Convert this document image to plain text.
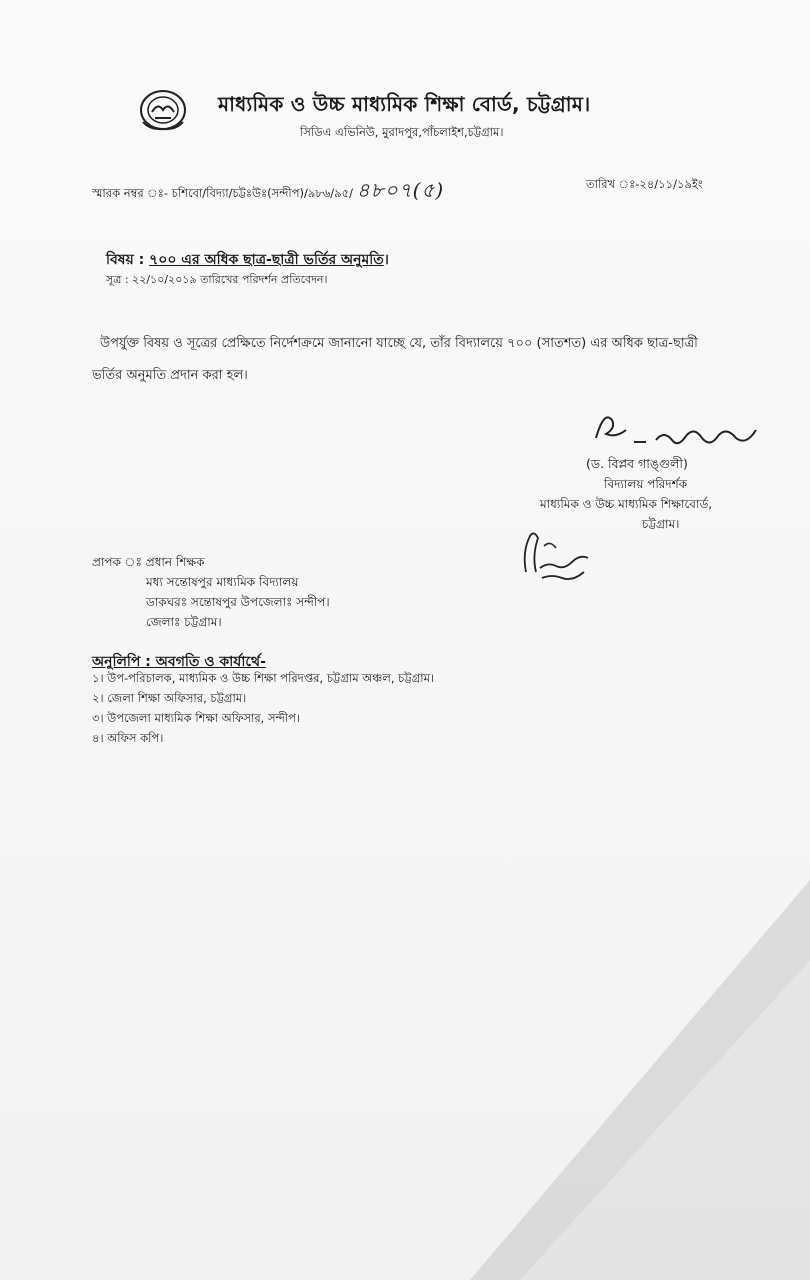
মাধ্যমিক ও উচ্চ মাধ্যমিক শিক্ষা বোর্ড, চট্টগ্রাম।
সিডিএ এভিনিউ, মুরাদপুর,পাঁচলাইশ,চট্টগ্রাম।
স্মারক নম্বর ঃ- চশিবো/বিদ্যা/চট্টঃউঃ(সন্দীপ)/৯৮৬/৯৫/ ৪৮০৭(৫)	তারিখ ঃ-২৪/১১/১৯ইং
বিষয় : ৭০০ এর অধিক ছাত্র-ছাত্রী ভর্তির অনুমতি।
সূত্র : ২২/১০/২০১৯ তারিখের পরিদর্শন প্রতিবেদন।
উপর্যুক্ত বিষয় ও সূত্রের প্রেক্ষিতে নির্দেশক্রমে জানানো যাচ্ছে যে, তাঁর বিদ্যালয়ে ৭০০ (সাতশত) এর অধিক ছাত্র-ছাত্রী
ভর্তির অনুমতি প্রদান করা হল।
(ড. বিপ্লব গাঙ্গুলী)
বিদ্যালয় পরিদর্শক
মাধ্যমিক ও উচ্চ মাধ্যমিক শিক্ষাবোর্ড,
চট্টগ্রাম।
প্রাপক ঃ প্রধান শিক্ষক
মধ্য সন্তোষপুর মাধ্যমিক বিদ্যালয়
ডাকঘরঃ সন্তোষপুর উপজেলাঃ সন্দীপ।
জেলাঃ চট্টগ্রাম।
অনুলিপি : অবগতি ও কার্যার্থে-
১। উপ-পরিচালক, মাধ্যমিক ও উচ্চ শিক্ষা পরিদপ্তর, চট্টগ্রাম অঞ্চল, চট্টগ্রাম।
২। জেলা শিক্ষা অফিসার, চট্টগ্রাম।
৩। উপজেলা মাধ্যমিক শিক্ষা অফিসার, সন্দীপ।
৪। অফিস কপি।
